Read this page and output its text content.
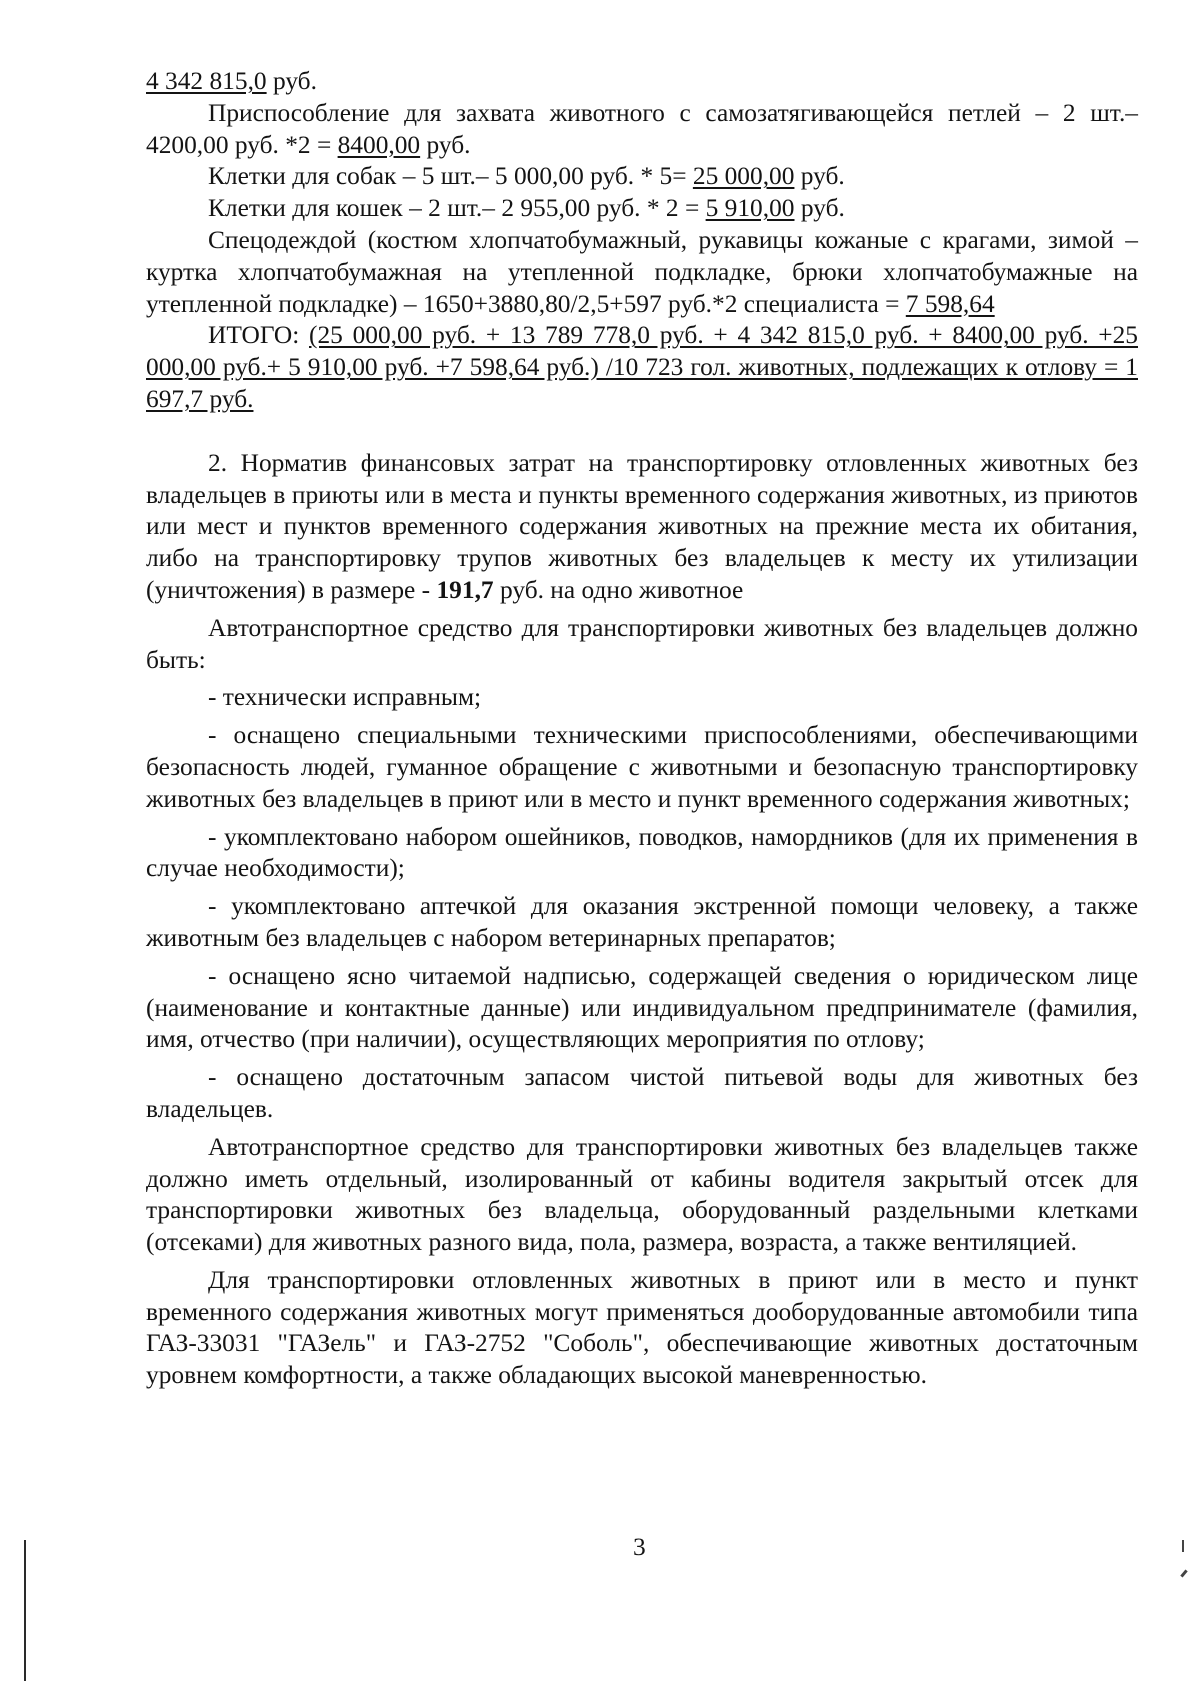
4 342 815,0 руб.

Приспособление для захвата животного с самозатягивающейся петлей – 2 шт.– 4200,00 руб. *2 = 8400,00 руб.

Клетки для собак – 5 шт.– 5 000,00 руб. * 5= 25 000,00 руб.

Клетки для кошек – 2 шт.– 2 955,00 руб. * 2 = 5 910,00 руб.

Спецодеждой (костюм хлопчатобумажный, рукавицы кожаные с крагами, зимой – куртка хлопчатобумажная на утепленной подкладке, брюки хлопчатобумажные на утепленной подкладке) – 1650+3880,80/2,5+597 руб.*2 специалиста = 7 598,64

ИТОГО: (25 000,00 руб. + 13 789 778,0 руб. + 4 342 815,0 руб. + 8400,00 руб. +25 000,00 руб.+ 5 910,00 руб. +7 598,64 руб.) /10 723 гол. животных, подлежащих к отлову = 1 697,7 руб.

2. Норматив финансовых затрат на транспортировку отловленных животных без владельцев в приюты или в места и пункты временного содержания животных, из приютов или мест и пунктов временного содержания животных на прежние места их обитания, либо на транспортировку трупов животных без владельцев к месту их утилизации (уничтожения) в размере - 191,7 руб. на одно животное

Автотранспортное средство для транспортировки животных без владельцев должно быть:

- технически исправным;

- оснащено специальными техническими приспособлениями, обеспечивающими безопасность людей, гуманное обращение с животными и безопасную транспортировку животных без владельцев в приют или в место и пункт временного содержания животных;

- укомплектовано набором ошейников, поводков, намордников (для их применения в случае необходимости);

- укомплектовано аптечкой для оказания экстренной помощи человеку, а также животным без владельцев с набором ветеринарных препаратов;

- оснащено ясно читаемой надписью, содержащей сведения о юридическом лице (наименование и контактные данные) или индивидуальном предпринимателе (фамилия, имя, отчество (при наличии), осуществляющих мероприятия по отлову;

- оснащено достаточным запасом чистой питьевой воды для животных без владельцев.

Автотранспортное средство для транспортировки животных без владельцев также должно иметь отдельный, изолированный от кабины водителя закрытый отсек для транспортировки животных без владельца, оборудованный раздельными клетками (отсеками) для животных разного вида, пола, размера, возраста, а также вентиляцией.

Для транспортировки отловленных животных в приют или в место и пункт временного содержания животных могут применяться дооборудованные автомобили типа ГАЗ-33031 "ГАЗель" и ГАЗ-2752 "Соболь", обеспечивающие животных достаточным уровнем комфортности, а также обладающих высокой маневренностью.

3
